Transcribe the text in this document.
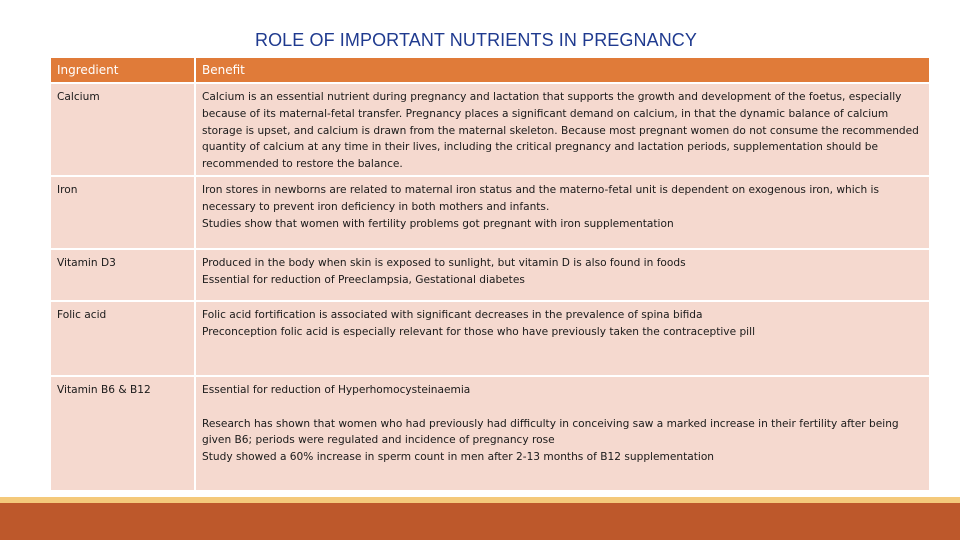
ROLE OF IMPORTANT NUTRIENTS IN PREGNANCY
Ingredient	Benefit
Calcium	Calcium is an essential nutrient during pregnancy and lactation that supports the growth and development of the foetus, especially because of its maternal-fetal transfer. Pregnancy places a significant demand on calcium, in that the dynamic balance of calcium storage is upset, and calcium is drawn from the maternal skeleton. Because most pregnant women do not consume the recommended quantity of calcium at any time in their lives, including the critical pregnancy and lactation periods, supplementation should be recommended to restore the balance.
Iron	Iron stores in newborns are related to maternal iron status and the materno-fetal unit is dependent on exogenous iron, which is necessary to prevent iron deficiency in both mothers and infants.
Studies show that women with fertility problems got pregnant with iron supplementation
Vitamin D3	Produced in the body when skin is exposed to sunlight, but vitamin D is also found in foods
Essential for reduction of Preeclampsia, Gestational diabetes
Folic acid	Folic acid fortification is associated with significant decreases in the prevalence of spina bifida
Preconception folic acid is especially relevant for those who have previously taken the contraceptive pill
Vitamin B6 & B12	Essential for reduction of Hyperhomocysteinaemia

Research has shown that women who had previously had difficulty in conceiving saw a marked increase in their fertility after being given B6; periods were regulated and incidence of pregnancy rose
Study showed a 60% increase in sperm count in men after 2-13 months of B12 supplementation
